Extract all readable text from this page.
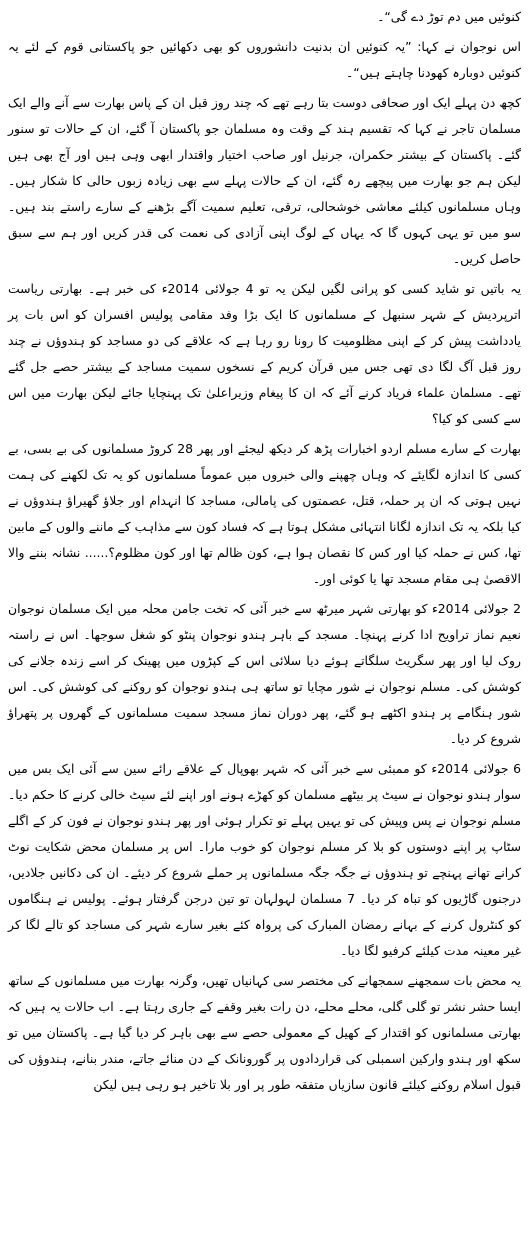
کنوئیں میں دم توڑ دے گی“۔

اس نوجوان نے کہا: ”یہ کنوئیں ان بدنیت دانشوروں کو بھی دکھائیں جو پاکستانی قوم کے لئے یہ کنوئیں دوبارہ کھودنا چاہتے ہیں“۔

کچھ دن پہلے ایک اور صحافی دوست بتا رہے تھے کہ چند روز قبل ان کے پاس بھارت سے آنے والے ایک مسلمان تاجر نے کہا کہ تقسیم ہند کے وقت وہ مسلمان جو پاکستان آ گئے، ان کے حالات تو سنور گئے۔ پاکستان کے بیشتر حکمران، جرنیل اور صاحب اختیار واقتدار ابھی وہی ہیں اور آج بھی ہیں لیکن ہم جو بھارت میں پیچھے رہ گئے، ان کے حالات پہلے سے بھی زیادہ زبوں حالی کا شکار ہیں۔ وہاں مسلمانوں کیلئے معاشی خوشحالی، ترقی، تعلیم سمیت آگے بڑھنے کے سارے راستے بند ہیں۔ سو میں تو یہی کہوں گا کہ یہاں کے لوگ اپنی آزادی کی نعمت کی قدر کریں اور ہم سے سبق حاصل کریں۔

یہ باتیں تو شاید کسی کو پرانی لگیں لیکن یہ تو 4 جولائی 2014ء کی خبر ہے۔ بھارتی ریاست اترپردیش کے شہر سنبھل کے مسلمانوں کا ایک بڑا وفد مقامی پولیس افسران کو اس بات پر یادداشت پیش کر کے اپنی مظلومیت کا رونا رو رہا ہے کہ علاقے کی دو مساجد کو ہندوؤں نے چند روز قبل آگ لگا دی تھی جس میں قرآن کریم کے نسخوں سمیت مساجد کے بیشتر حصے جل گئے تھے۔ مسلمان علماء فریاد کرنے آئے کہ ان کا پیغام وزیراعلیٰ تک پہنچایا جائے لیکن بھارت میں اس سے کسی کو کیا؟

بھارت کے سارے مسلم اردو اخبارات پڑھ کر دیکھ لیجئے اور پھر 28 کروڑ مسلمانوں کی بے بسی، بے کسی کا اندازہ لگایئے کہ وہاں چھپنے والی خبروں میں عموماً مسلمانوں کو یہ تک لکھنے کی ہمت نہیں ہوتی کہ ان پر حملہ، قتل، عصمتوں کی پامالی، مساجد کا انہدام اور جلاؤ گھیراؤ ہندوؤں نے کیا بلکہ یہ تک اندازہ لگانا انتہائی مشکل ہوتا ہے کہ فساد کون سے مذاہب کے ماننے والوں کے مابین تھا، کس نے حملہ کیا اور کس کا نقصان ہوا ہے، کون ظالم تھا اور کون مظلوم؟...... نشانہ بننے والا الاقصیٰ ہی مقام مسجد تھا یا کوئی اور۔

2 جولائی 2014ء کو بھارتی شہر میرٹھ سے خبر آئی کہ تخت جامن محلہ میں ایک مسلمان نوجوان نعیم نماز تراویح ادا کرنے پہنچا۔ مسجد کے باہر ہندو نوجوان پنٹو کو شغل سوجھا۔ اس نے راستہ روک لیا اور پھر سگریٹ سلگاتے ہوئے دیا سلائی اس کے کپڑوں میں پھینک کر اسے زندہ جلانے کی کوشش کی۔ مسلم نوجوان نے شور مچایا تو ساتھ ہی ہندو نوجوان کو روکنے کی کوشش کی۔ اس شور ہنگامے پر ہندو اکٹھے ہو گئے، پھر دوران نماز مسجد سمیت مسلمانوں کے گھروں پر پتھراؤ شروع کر دیا۔

6 جولائی 2014ء کو ممبئی سے خبر آئی کہ شہر بھوپال کے علاقے رائے سین سے آئی ایک بس میں سوار ہندو نوجوان نے سیٹ پر بیٹھے مسلمان کو کھڑے ہونے اور اپنے لئے سیٹ خالی کرنے کا حکم دیا۔ مسلم نوجوان نے پس وپیش کی تو یہیں پہلے تو تکرار ہوئی اور پھر ہندو نوجوان نے فون کر کے اگلے سٹاپ پر اپنے دوستوں کو بلا کر مسلم نوجوان کو خوب مارا۔ اس پر مسلمان محض شکایت نوٹ کرانے تھانے پہنچے تو ہندوؤں نے جگہ جگہ مسلمانوں پر حملے شروع کر دیئے۔ ان کی دکانیں جلادیں، درجنوں گاڑیوں کو تباہ کر دیا۔ 7 مسلمان لہولہان تو تین درجن گرفتار ہوئے۔ پولیس نے ہنگاموں کو کنٹرول کرنے کے بہانے رمضان المبارک کی پرواہ کئے بغیر سارے شہر کی مساجد کو تالے لگا کر غیر معینہ مدت کیلئے کرفیو لگا دیا۔

یہ محض بات سمجھنے سمجھانے کی مختصر سی کہانیاں تھیں، وگرنہ بھارت میں مسلمانوں کے ساتھ ایسا حشر نشر تو گلی گلی، محلے محلے، دن رات بغیر وقفے کے جاری رہتا ہے۔ اب حالات یہ ہیں کہ بھارتی مسلمانوں کو اقتدار کے کھیل کے معمولی حصے سے بھی باہر کر دیا گیا ہے۔ پاکستان میں تو سکھ اور ہندو وارکین اسمبلی کی قراردادوں پر گورونانک کے دن منائے جاتے، مندر بنانے، ہندوؤں کی قبول اسلام روکنے کیلئے قانون سازیاں متفقہ طور پر اور بلا تاخیر ہو رہی ہیں لیکن
